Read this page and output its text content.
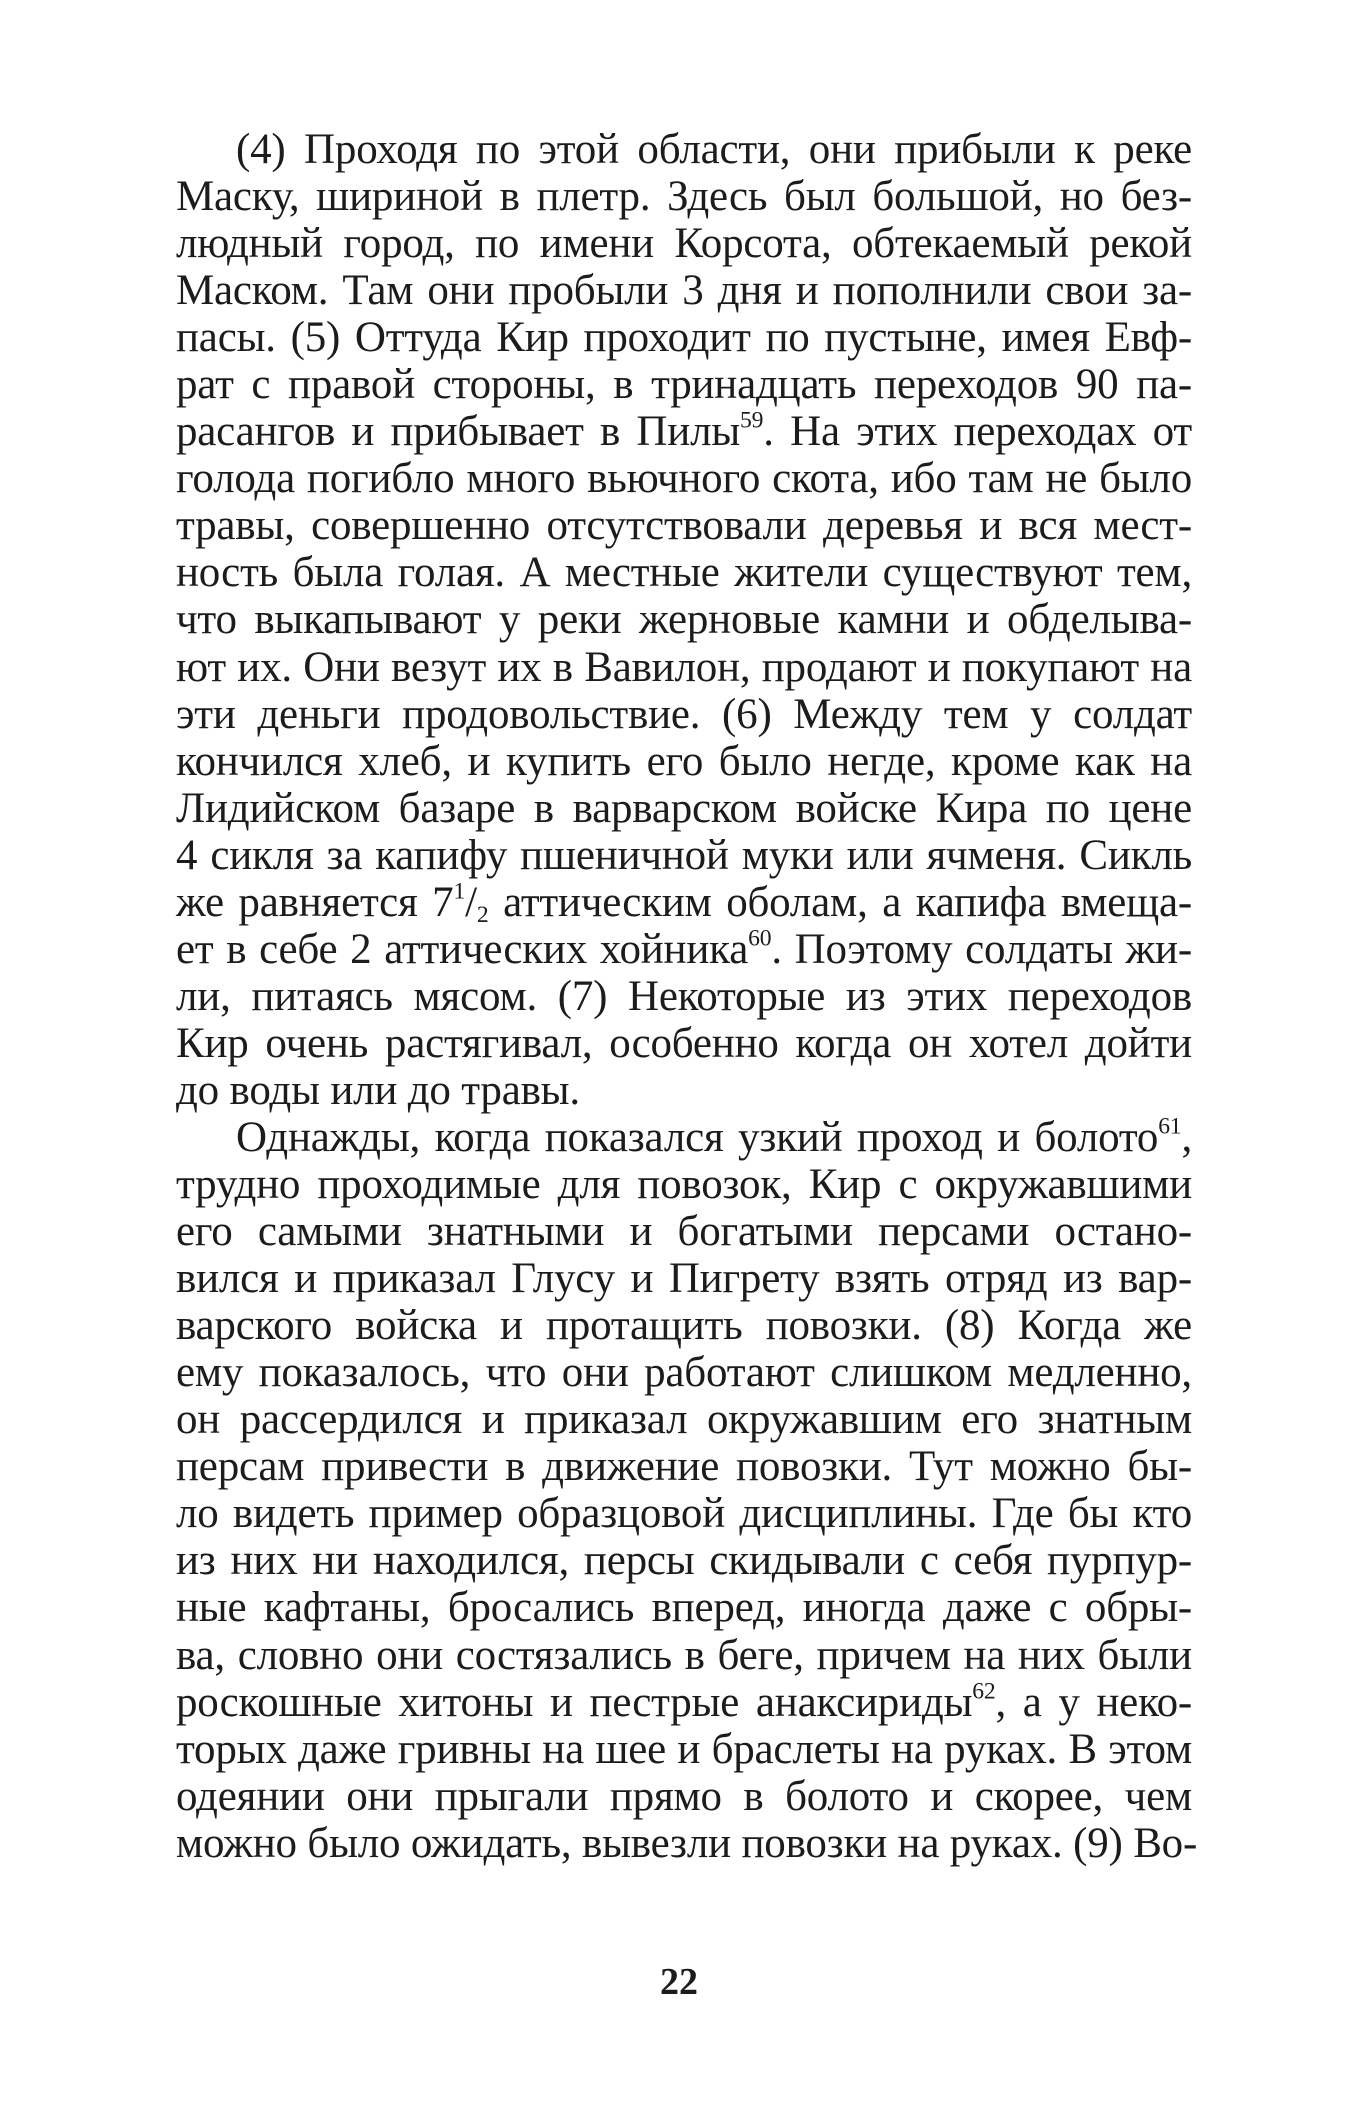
(4) Проходя по этой области, они прибыли к реке
Маску, шириной в плетр. Здесь был большой, но без-
людный город, по имени Корсота, обтекаемый рекой
Маском. Там они пробыли 3 дня и пополнили свои за-
пасы. (5) Оттуда Кир проходит по пустыне, имея Евф-
рат с правой стороны, в тринадцать переходов 90 па-
расангов и прибывает в Пилы$^{59}$. На этих переходах от
голода погибло много вьючного скота, ибо там не было
травы, совершенно отсутствовали деревья и вся мест-
ность была голая. А местные жители существуют тем,
что выкапывают у реки жерновые камни и обделыва-
ют их. Они везут их в Вавилон, продают и покупают на
эти деньги продовольствие. (6) Между тем у солдат
кончился хлеб, и купить его было негде, кроме как на
Лидийском базаре в варварском войске Кира по цене
4 сикля за капифу пшеничной муки или ячменя. Сикль
же равняется $7^1/_2$ аттическим оболам, а капифа вмеща-
ет в себе 2 аттических хойника$^{60}$. Поэтому солдаты жи-
ли, питаясь мясом. (7) Некоторые из этих переходов
Кир очень растягивал, особенно когда он хотел дойти
до воды или до травы.
Однажды, когда показался узкий проход и болото$^{61}$,
трудно проходимые для повозок, Кир с окружавшими
его самыми знатными и богатыми персами остано-
вился и приказал Глусу и Пигрету взять отряд из вар-
варского войска и протащить повозки. (8) Когда же
ему показалось, что они работают слишком медленно,
он рассердился и приказал окружавшим его знатным
персам привести в движение повозки. Тут можно бы-
ло видеть пример образцовой дисциплины. Где бы кто
из них ни находился, персы скидывали с себя пурпур-
ные кафтаны, бросались вперед, иногда даже с обры-
ва, словно они состязались в беге, причем на них были
роскошные хитоны и пестрые анаксириды$^{62}$, а у неко-
торых даже гривны на шее и браслеты на руках. В этом
одеянии они прыгали прямо в болото и скорее, чем
можно было ожидать, вывезли повозки на руках. (9) Во-
22
